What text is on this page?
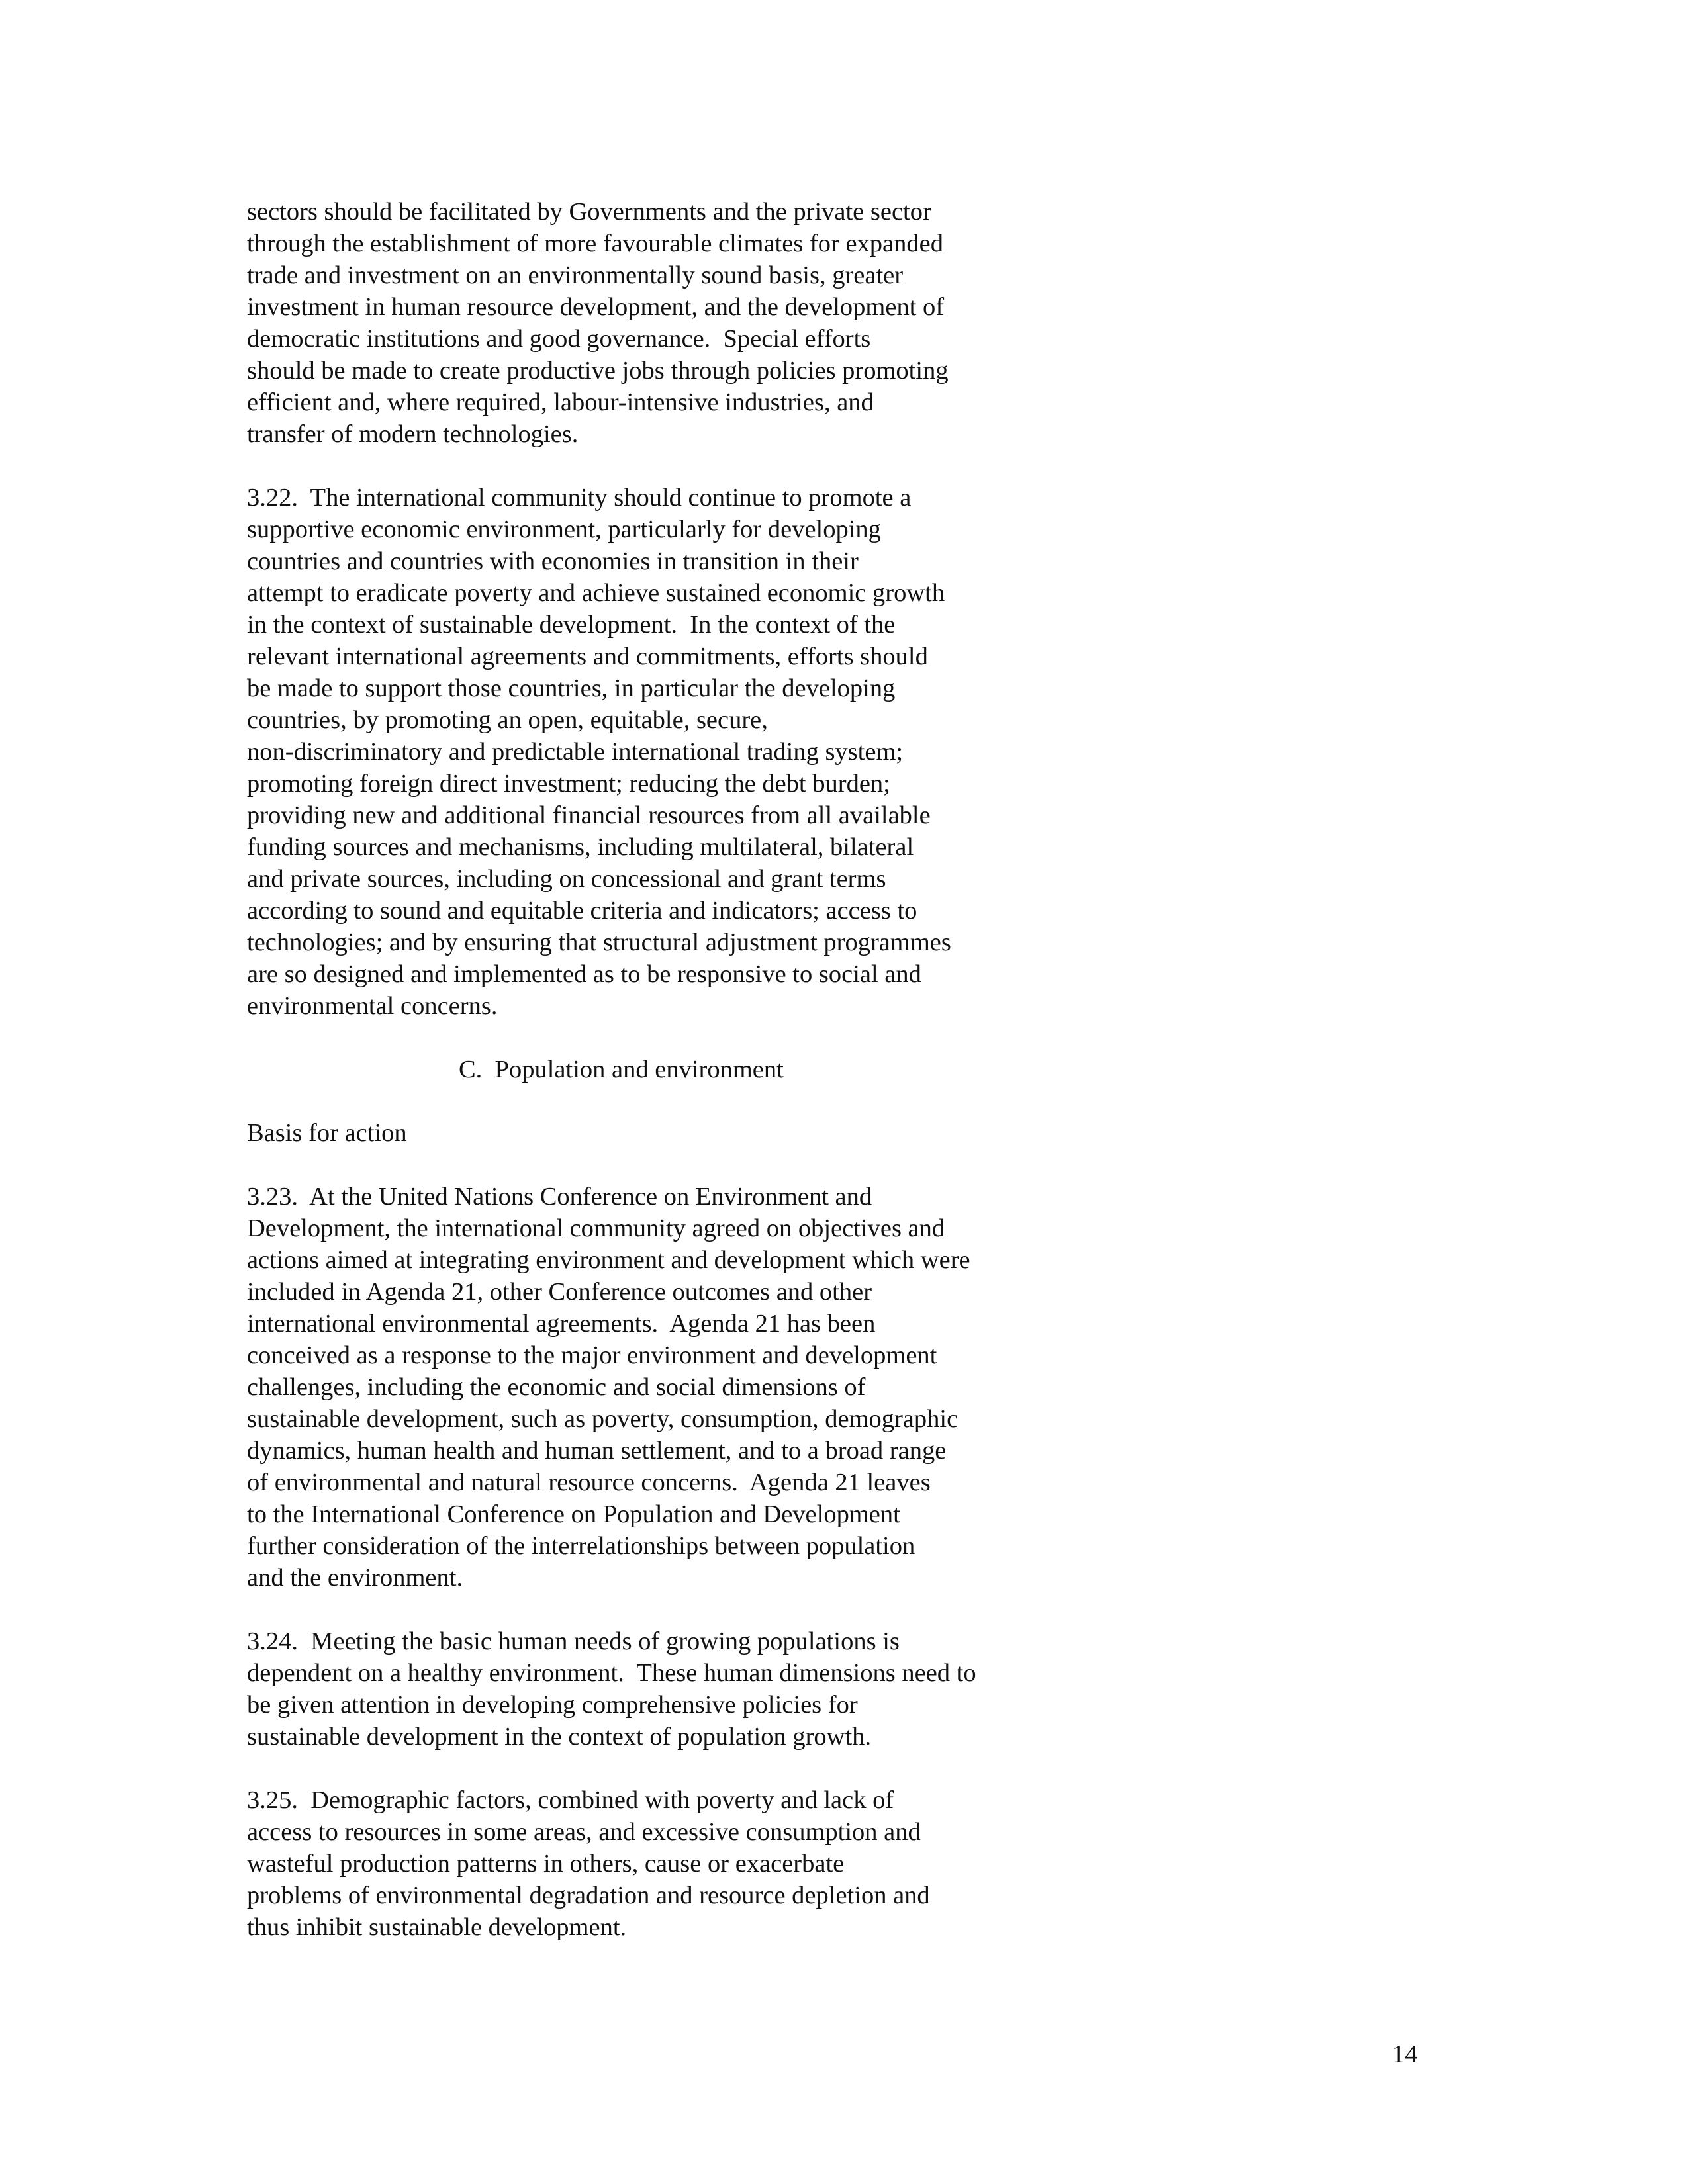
sectors should be facilitated by Governments and the private sector
through the establishment of more favourable climates for expanded
trade and investment on an environmentally sound basis, greater
investment in human resource development, and the development of
democratic institutions and good governance.  Special efforts
should be made to create productive jobs through policies promoting
efficient and, where required, labour-intensive industries, and
transfer of modern technologies.
3.22.  The international community should continue to promote a
supportive economic environment, particularly for developing
countries and countries with economies in transition in their
attempt to eradicate poverty and achieve sustained economic growth
in the context of sustainable development.  In the context of the
relevant international agreements and commitments, efforts should
be made to support those countries, in particular the developing
countries, by promoting an open, equitable, secure,
non-discriminatory and predictable international trading system;
promoting foreign direct investment; reducing the debt burden;
providing new and additional financial resources from all available
funding sources and mechanisms, including multilateral, bilateral
and private sources, including on concessional and grant terms
according to sound and equitable criteria and indicators; access to
technologies; and by ensuring that structural adjustment programmes
are so designed and implemented as to be responsive to social and
environmental concerns.
C.  Population and environment
Basis for action
3.23.  At the United Nations Conference on Environment and
Development, the international community agreed on objectives and
actions aimed at integrating environment and development which were
included in Agenda 21, other Conference outcomes and other
international environmental agreements.  Agenda 21 has been
conceived as a response to the major environment and development
challenges, including the economic and social dimensions of
sustainable development, such as poverty, consumption, demographic
dynamics, human health and human settlement, and to a broad range
of environmental and natural resource concerns.  Agenda 21 leaves
to the International Conference on Population and Development
further consideration of the interrelationships between population
and the environment.
3.24.  Meeting the basic human needs of growing populations is
dependent on a healthy environment.  These human dimensions need to
be given attention in developing comprehensive policies for
sustainable development in the context of population growth.
3.25.  Demographic factors, combined with poverty and lack of
access to resources in some areas, and excessive consumption and
wasteful production patterns in others, cause or exacerbate
problems of environmental degradation and resource depletion and
thus inhibit sustainable development.
14
